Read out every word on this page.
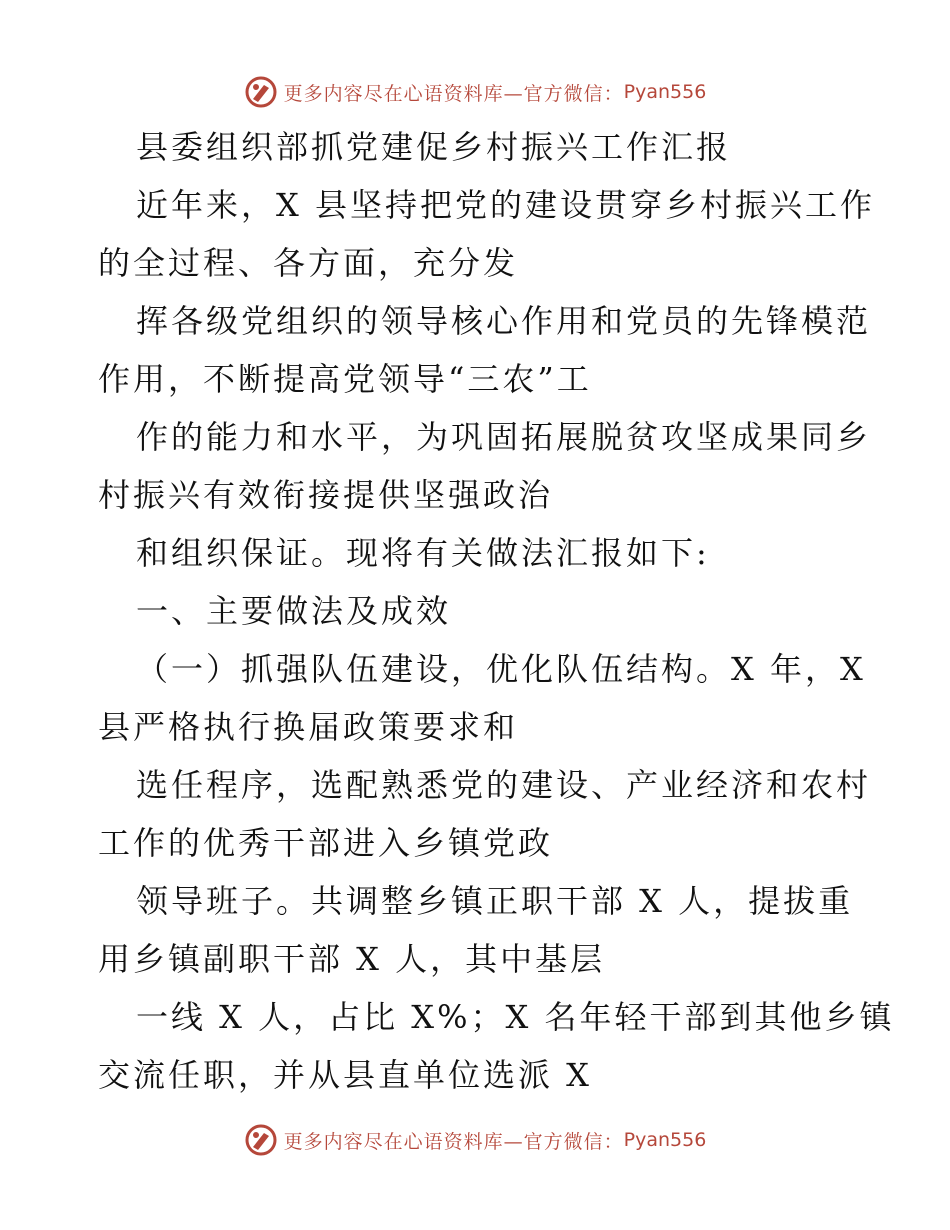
更多内容尽在心语资料库—官方微信： Pyan556
县委组织部抓党建促乡村振兴工作汇报
近年来，X 县坚持把党的建设贯穿乡村振兴工作
的全过程、各方面，充分发
挥各级党组织的领导核心作用和党员的先锋模范
作用，不断提高党领导“三农”工
作的能力和水平，为巩固拓展脱贫攻坚成果同乡
村振兴有效衔接提供坚强政治
和组织保证。现将有关做法汇报如下:
一、主要做法及成效
（一）抓强队伍建设，优化队伍结构。X 年，X
县严格执行换届政策要求和
选任程序，选配熟悉党的建设、产业经济和农村
工作的优秀干部进入乡镇党政
领导班子。共调整乡镇正职干部 X 人，提拔重
用乡镇副职干部 X 人，其中基层
一线 X 人，占比 X%；X 名年轻干部到其他乡镇
交流任职，并从县直单位选派 X
更多内容尽在心语资料库—官方微信： Pyan556
